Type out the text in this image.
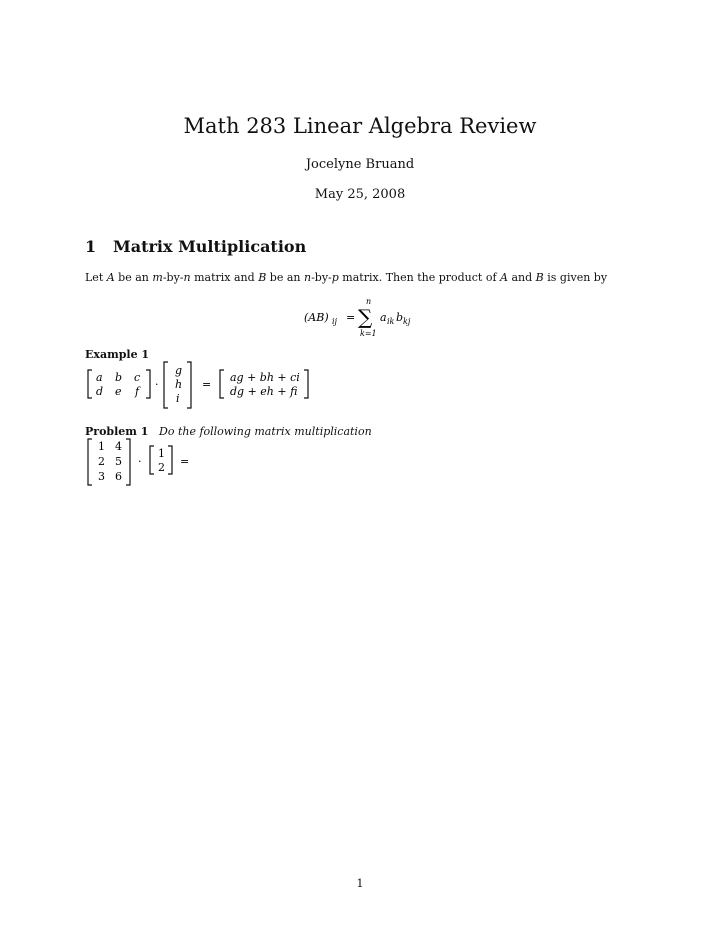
Math 283 Linear Algebra Review
Jocelyne Bruand
May 25, 2008
1 Matrix Multiplication
Let A be an m-by-n matrix and B be an n-by-p matrix. Then the product of A and B is given by
(AB) ij =
n
∑
k=1
a ik b kj
Example 1
a b c
d e f
g
h
i
ag + bh + ci
dg + eh + fi
·	=
Problem 1 Do the following matrix multiplication
1 4
2 5
3 6
1
2
·	=
1
